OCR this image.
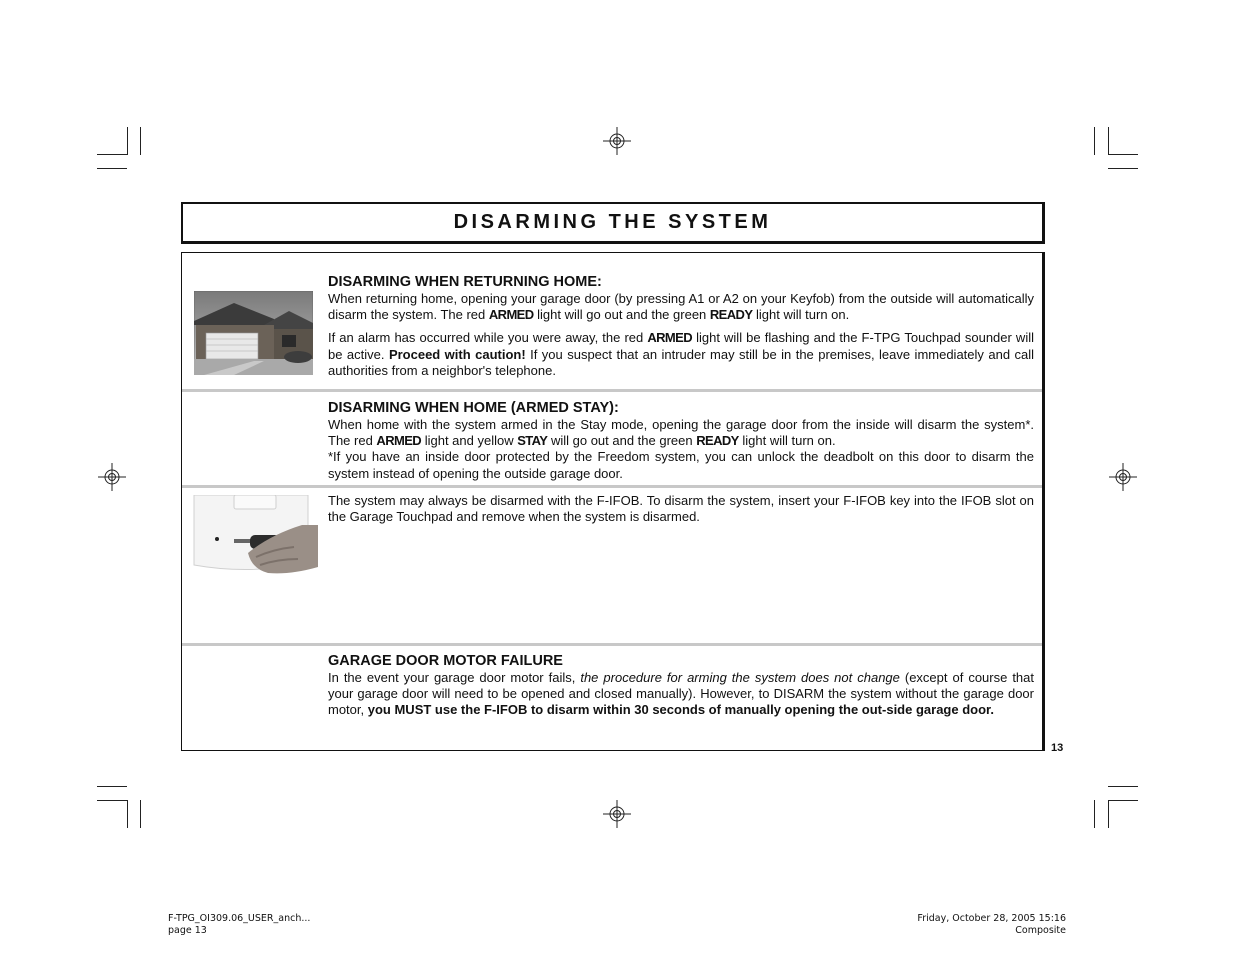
DISARMING THE SYSTEM
DISARMING WHEN RETURNING HOME:

When returning home, opening your garage door (by pressing A1 or A2 on your Keyfob) from the outside will automatically disarm the system. The red ARMED light will go out and the green READY light will turn on.

If an alarm has occurred while you were away, the red ARMED light will be flashing and the F-TPG Touchpad sounder will be active. Proceed with caution! If you suspect that an intruder may still be in the premises, leave immediately and call authorities from a neighbor's telephone.

DISARMING WHEN HOME (ARMED STAY):

When home with the system armed in the Stay mode, opening the garage door from the inside will disarm the system*. The red ARMED light and yellow STAY will go out and the green READY light will turn on.

*If you have an inside door protected by the Freedom system, you can unlock the deadbolt on this door to disarm the system instead of opening the outside garage door.

The system may always be disarmed with the F-IFOB. To disarm the system, insert your F-IFOB key into the IFOB slot on the Garage Touchpad and remove when the system is disarmed.

GARAGE DOOR MOTOR FAILURE

In the event your garage door motor fails, the procedure for arming the system does not change (except of course that your garage door will need to be opened and closed manually). However, to DISARM the system without the garage door motor, you MUST use the F-IFOB to disarm within 30 seconds of manually opening the out-side garage door.

13
F-TPG_OI309.06_USER_anch...
page 13
Friday, October 28, 2005 15:16
Composite
